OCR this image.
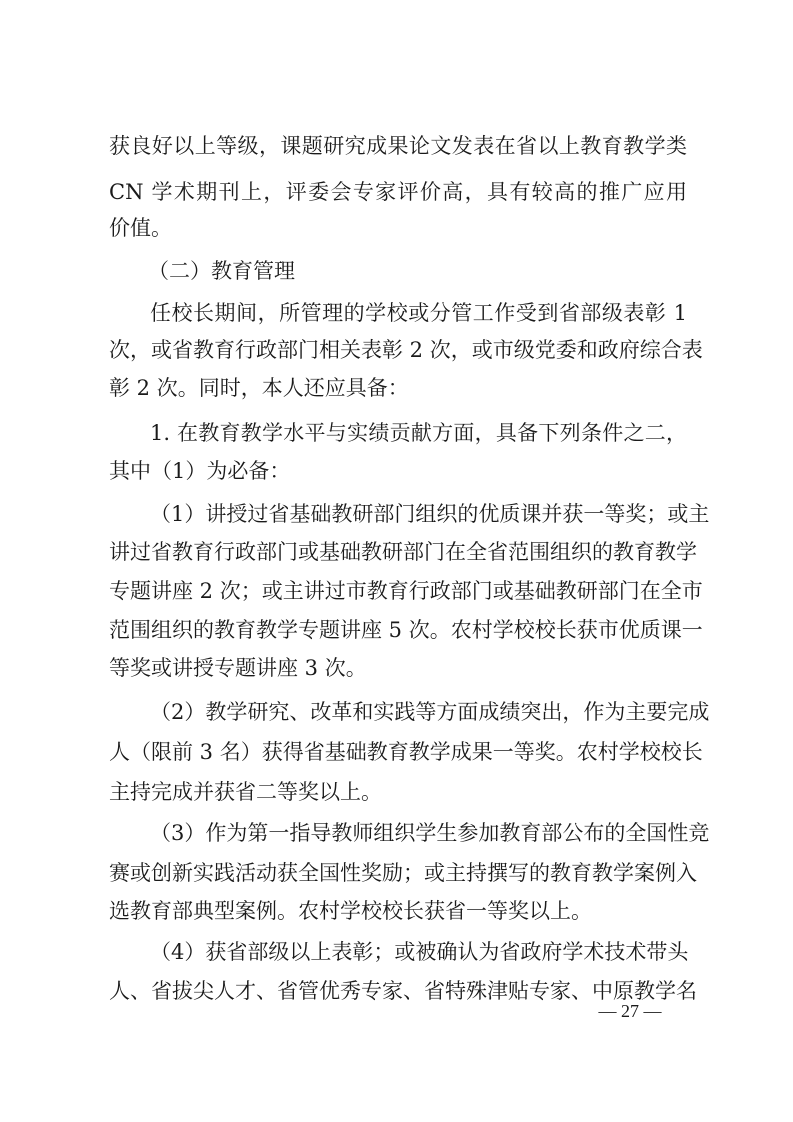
获良好以上等级，课题研究成果论文发表在省以上教育教学类
CN 学术期刊上，评委会专家评价高，具有较高的推广应用
价值。
（二）教育管理
任校长期间，所管理的学校或分管工作受到省部级表彰 1
次，或省教育行政部门相关表彰 2 次，或市级党委和政府综合表
彰 2 次。同时，本人还应具备：
1. 在教育教学水平与实绩贡献方面，具备下列条件之二，
其中（1）为必备：
（1）讲授过省基础教研部门组织的优质课并获一等奖；或主
讲过省教育行政部门或基础教研部门在全省范围组织的教育教学
专题讲座 2 次；或主讲过市教育行政部门或基础教研部门在全市
范围组织的教育教学专题讲座 5 次。农村学校校长获市优质课一
等奖或讲授专题讲座 3 次。
（2）教学研究、改革和实践等方面成绩突出，作为主要完成
人（限前 3 名）获得省基础教育教学成果一等奖。农村学校校长
主持完成并获省二等奖以上。
（3）作为第一指导教师组织学生参加教育部公布的全国性竞
赛或创新实践活动获全国性奖励；或主持撰写的教育教学案例入
选教育部典型案例。农村学校校长获省一等奖以上。
（4）获省部级以上表彰；或被确认为省政府学术技术带头
人、省拔尖人才、省管优秀专家、省特殊津贴专家、中原教学名
— 27 —
